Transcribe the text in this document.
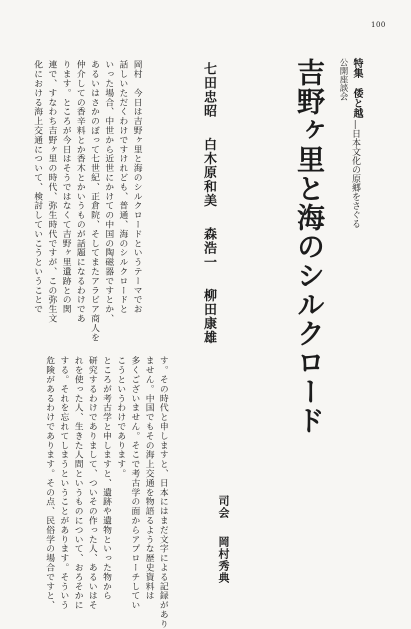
100
特集　倭と越
―日本文化の原郷をさぐる
公開座談会
吉野ヶ里と海のシルクロード
七田忠昭　 白木原和美　 森浩一　 柳田康雄
岡村　今日は吉野ヶ里と海のシルクロードというテーマでお
話しいただくわけですけれども、普通、海のシルクロードと
いった場合、中世から近世にかけての中国の陶磁器ですとか、
あるいはさかのぼって七世紀、正倉院、そしてまたアラビア商人を
仲介しての香辛料とか香木とかいうものが話題になるわけであ
ります。ところが今日はそうではなくて吉野ヶ里遺跡との関
連で、すなわち吉野ヶ里の時代、弥生時代ですが、この弥生文
化における海上交通について、検討していこうということで
す。その時代と申しますと、日本にはまだ文字による記録があり
ません。中国でもその海上交通を物語るような歴史資料は
多くございません。そこで考古学の面からアプローチしてい
こうというわけであります。
ところが考古学と申しますと、遺跡や遺物といった物から
研究するわけでありまして、ついその作った人、あるいはそ
れを使った人、生きた人間というものについて、おろそかに
する。それを忘れてしまうということがあります。そういう
危険があるわけであります。その点、民俗学の場合ですと、	司会　 岡村秀典
